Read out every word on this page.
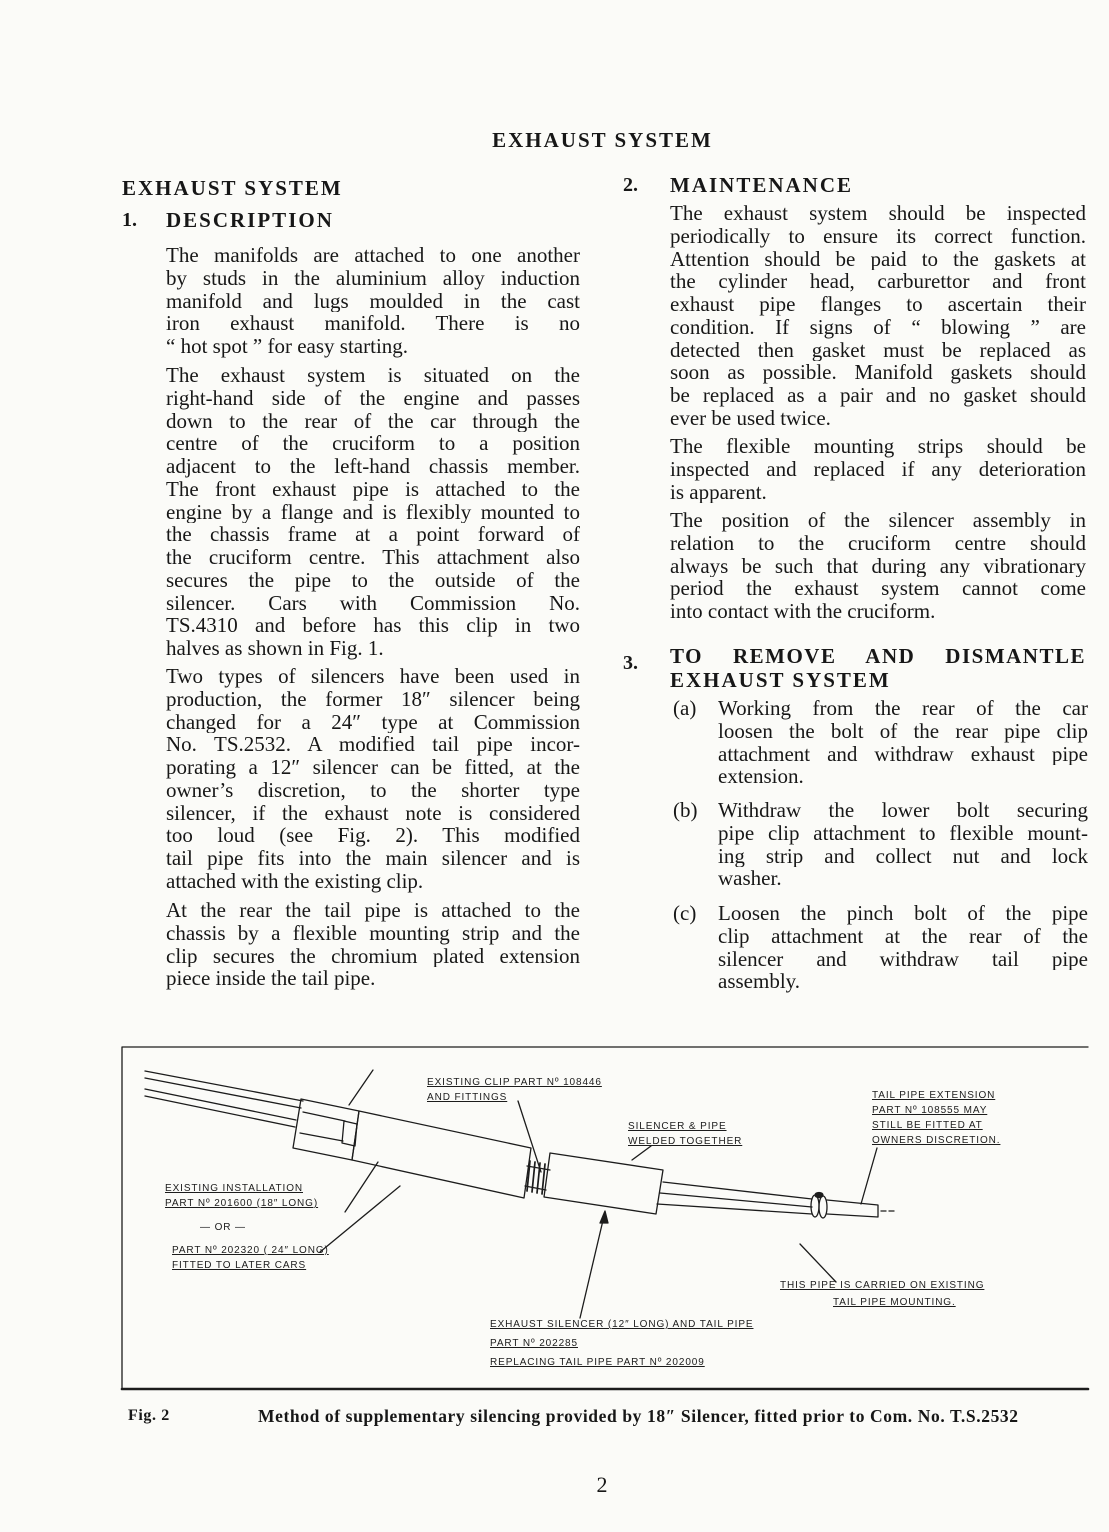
EXHAUST SYSTEM
EXHAUST SYSTEM
1. DESCRIPTION
The manifolds are attached to one another
by studs in the aluminium alloy induction
manifold and lugs moulded in the cast
iron exhaust manifold. There is no
“ hot spot ” for easy starting.
The exhaust system is situated on the
right-hand side of the engine and passes
down to the rear of the car through the
centre of the cruciform to a position
adjacent to the left-hand chassis member.
The front exhaust pipe is attached to the
engine by a flange and is flexibly mounted to
the chassis frame at a point forward of
the cruciform centre. This attachment also
secures the pipe to the outside of the
silencer. Cars with Commission No.
TS.4310 and before has this clip in two
halves as shown in Fig. 1.
Two types of silencers have been used in
production, the former 18″ silencer being
changed for a 24″ type at Commission
No. TS.2532. A modified tail pipe incor-
porating a 12″ silencer can be fitted, at the
owner’s discretion, to the shorter type
silencer, if the exhaust note is considered
too loud (see Fig. 2). This modified
tail pipe fits into the main silencer and is
attached with the existing clip.
At the rear the tail pipe is attached to the
chassis by a flexible mounting strip and the
clip secures the chromium plated extension
piece inside the tail pipe.
2. MAINTENANCE
The exhaust system should be inspected
periodically to ensure its correct function.
Attention should be paid to the gaskets at
the cylinder head, carburettor and front
exhaust pipe flanges to ascertain their
condition. If signs of “ blowing ” are
detected then gasket must be replaced as
soon as possible. Manifold gaskets should
be replaced as a pair and no gasket should
ever be used twice.
The flexible mounting strips should be
inspected and replaced if any deterioration
is apparent.
The position of the silencer assembly in
relation to the cruciform centre should
always be such that during any vibrationary
period the exhaust system cannot come
into contact with the cruciform.
3. TO REMOVE AND DISMANTLE
EXHAUST SYSTEM
(a) Working from the rear of the car
loosen the bolt of the rear pipe clip
attachment and withdraw exhaust pipe
extension.
(b) Withdraw the lower bolt securing
pipe clip attachment to flexible mount-
ing strip and collect nut and lock
washer.
(c) Loosen the pinch bolt of the pipe
clip attachment at the rear of the
silencer and withdraw tail pipe
assembly.
EXISTING CLIP PART Nº 108446
AND FITTINGS	TAIL PIPE EXTENSION
PART Nº 108555 MAY
STILL BE FITTED AT
OWNERS DISCRETION.
SILENCER & PIPE
WELDED TOGETHER
EXISTING INSTALLATION
PART Nº 201600 (18″ LONG)
— OR —
PART Nº 202320 ( 24″ LONG)
FITTED TO LATER CARS
THIS PIPE IS CARRIED ON EXISTING
TAIL PIPE MOUNTING.
EXHAUST SILENCER (12″ LONG) AND TAIL PIPE
PART Nº 202285
REPLACING TAIL PIPE PART Nº 202009
Fig. 2	Method of supplementary silencing provided by 18″ Silencer, fitted prior to Com. No. T.S.2532
2
